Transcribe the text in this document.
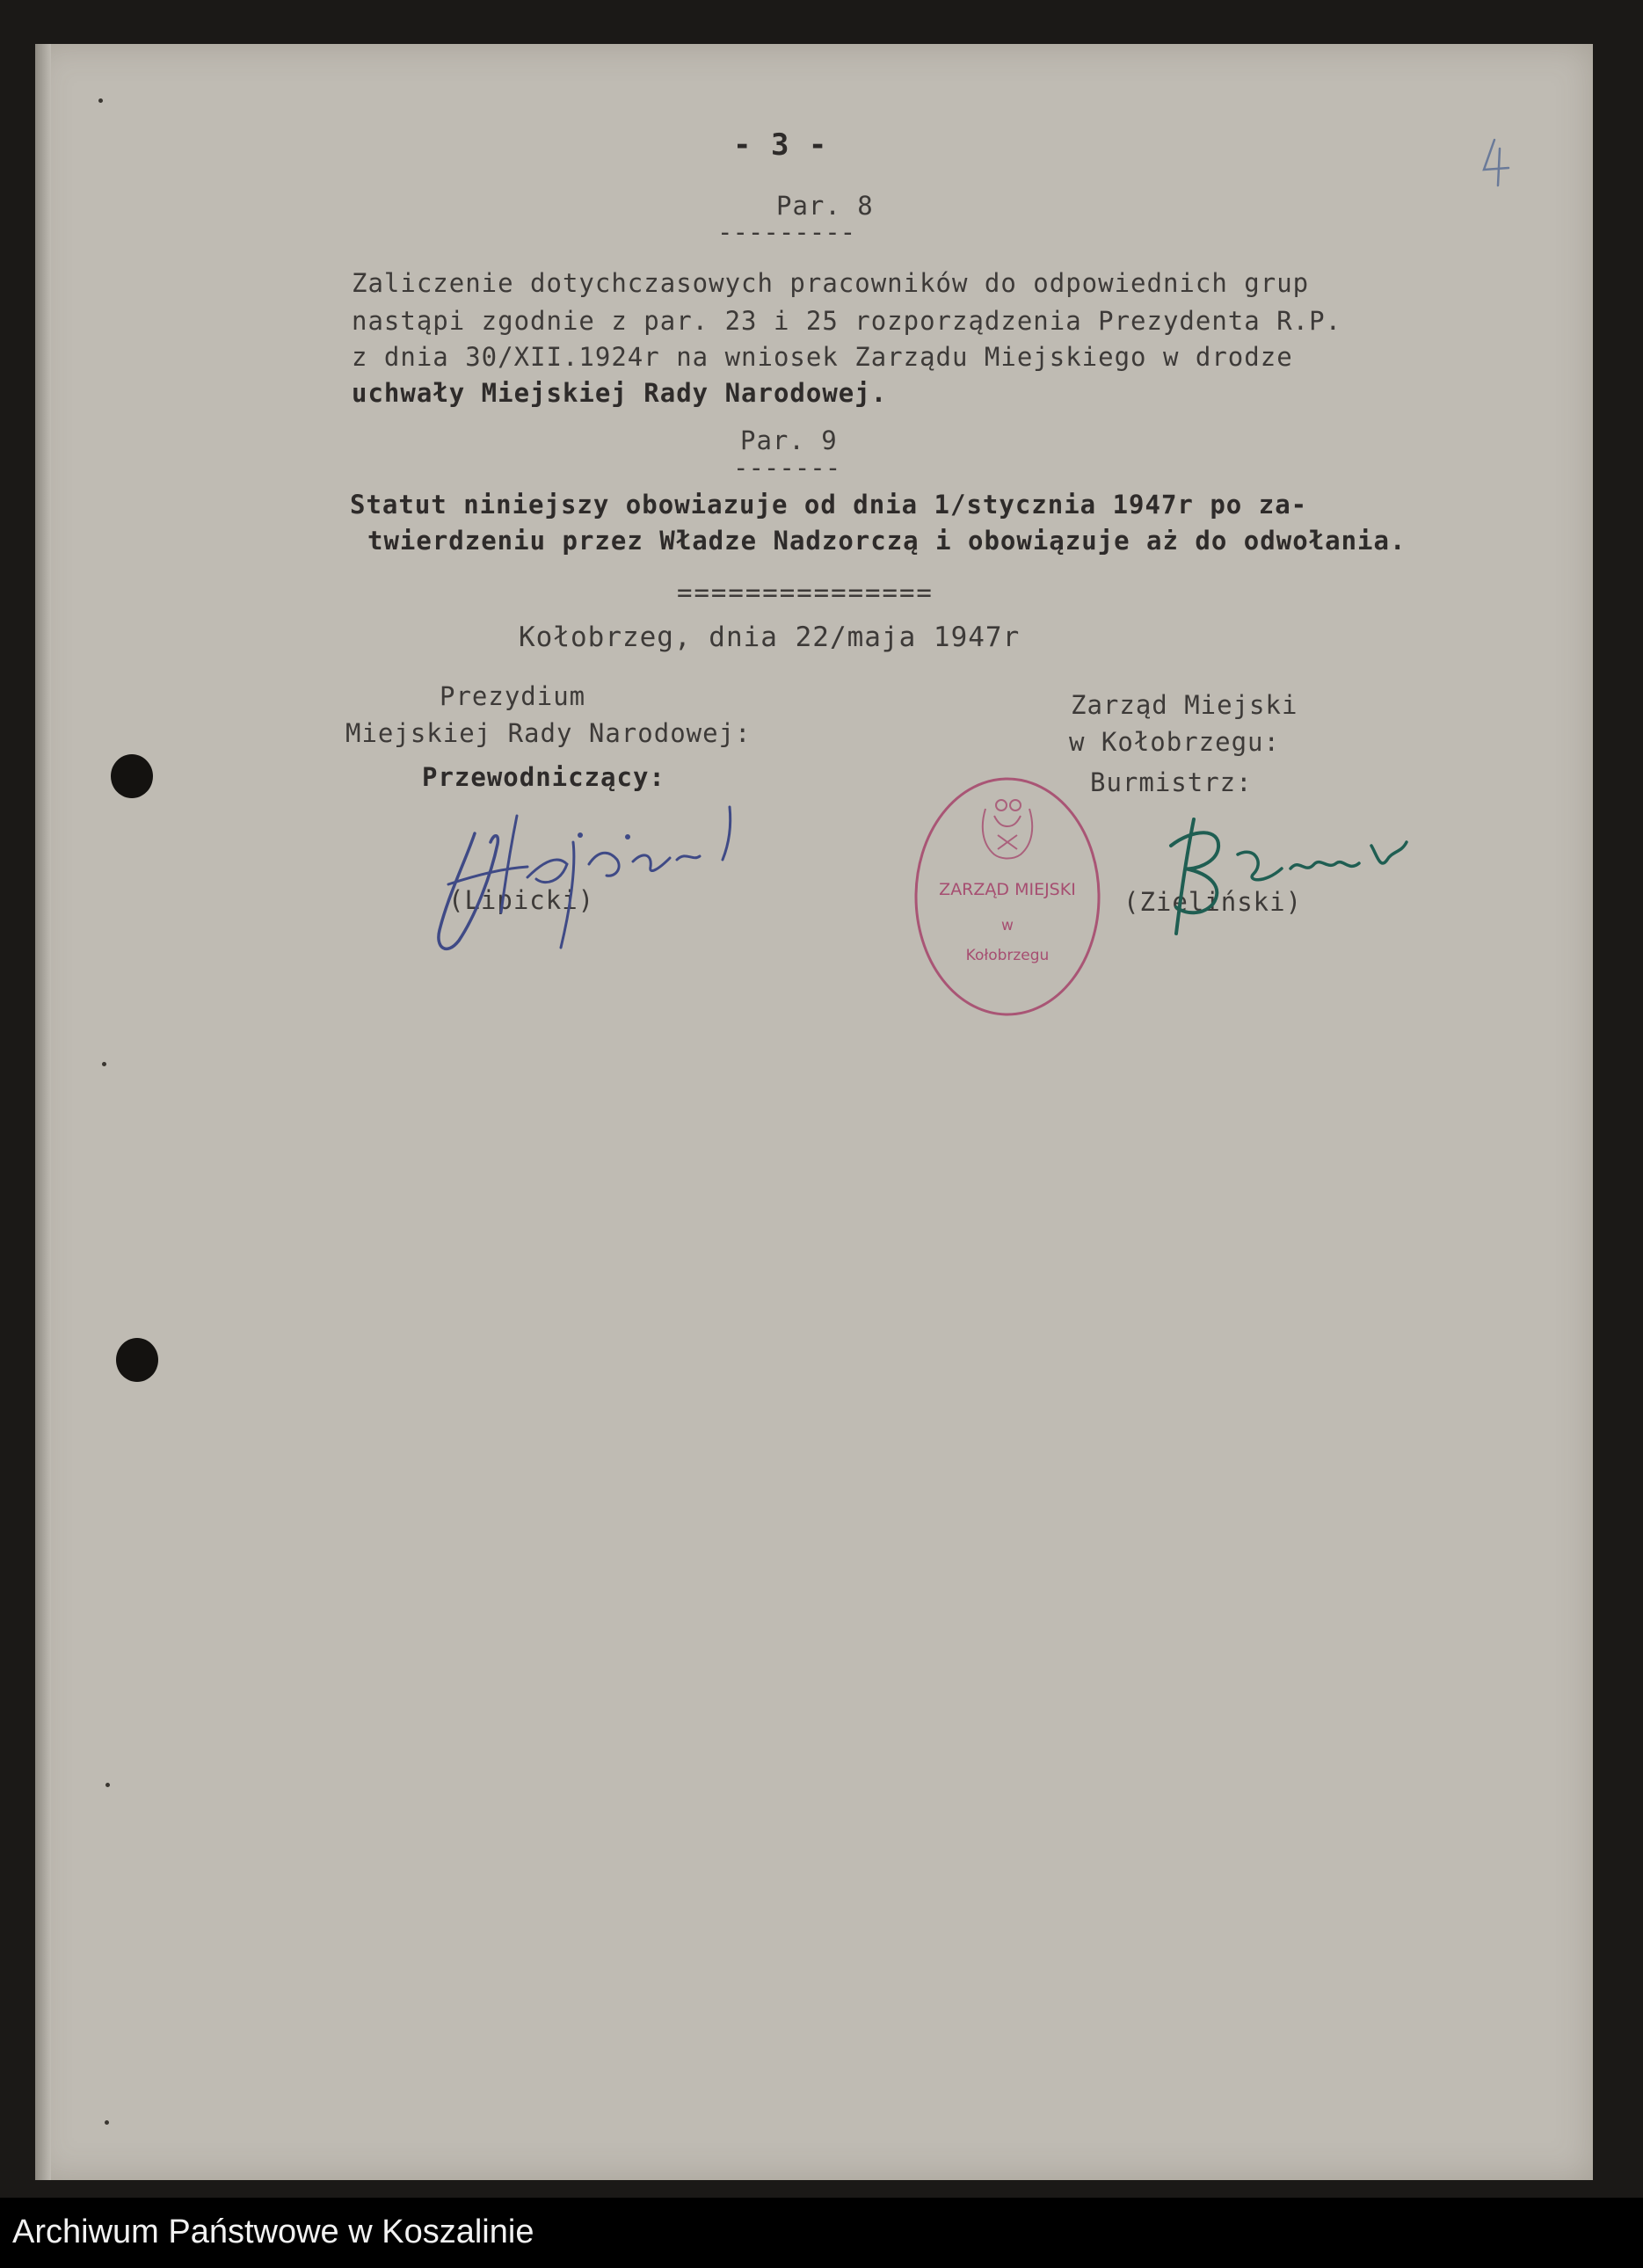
- 3 -
Par. 8
---------
Zaliczenie dotychczasowych pracowników do odpowiednich grup
nastąpi zgodnie z par. 23 i 25 rozporządzenia Prezydenta R.P.
z dnia 30/XII.1924r na wniosek Zarządu Miejskiego w drodze
uchwały Miejskiej Rady Narodowej.
Par. 9
-------
Statut niniejszy obowiazuje od dnia 1/stycznia 1947r po za-
twierdzeniu przez Władze Nadzorczą i obowiązuje aż do odwołania.
===============
Kołobrzeg, dnia 22/maja 1947r
Prezydium
Miejskiej Rady Narodowej:
Przewodniczący:
(Lipicki)
Zarząd Miejski
w Kołobrzegu:
Burmistrz:
(Zieliński)
ZARZĄD MIEJSKI
w
Kołobrzegu
Archiwum Państwowe w Koszalinie
